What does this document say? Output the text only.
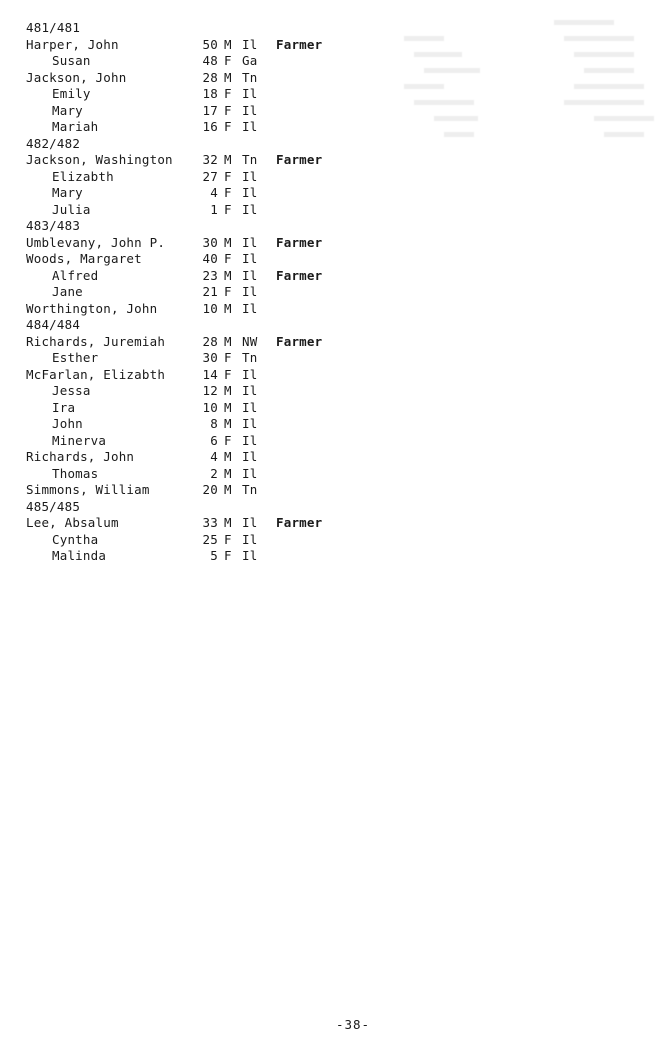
481/481
Harper, John	50 M Il Farmer
Susan	48 F Ga
Jackson, John	28 M Tn
Emily	18 F Il
Mary	17 F Il
Mariah	16 F Il
482/482
Jackson, Washington	32 M Tn Farmer
Elizabth	27 F Il
Mary	4 F Il
Julia	1 F Il
483/483
Umblevany, John P.	30 M Il Farmer
Woods, Margaret	40 F Il
Alfred	23 M Il Farmer
Jane	21 F Il
Worthington, John	10 M Il
484/484
Richards, Juremiah	28 M NW Farmer
Esther	30 F Tn
McFarlan, Elizabth	14 F Il
Jessa	12 M Il
Ira	10 M Il
John	8 M Il
Minerva	6 F Il
Richards, John	4 M Il
Thomas	2 M Il
Simmons, William	20 M Tn
485/485
Lee, Absalum	33 M Il Farmer
Cyntha	25 F Il
Malinda	5 F Il
-38-
